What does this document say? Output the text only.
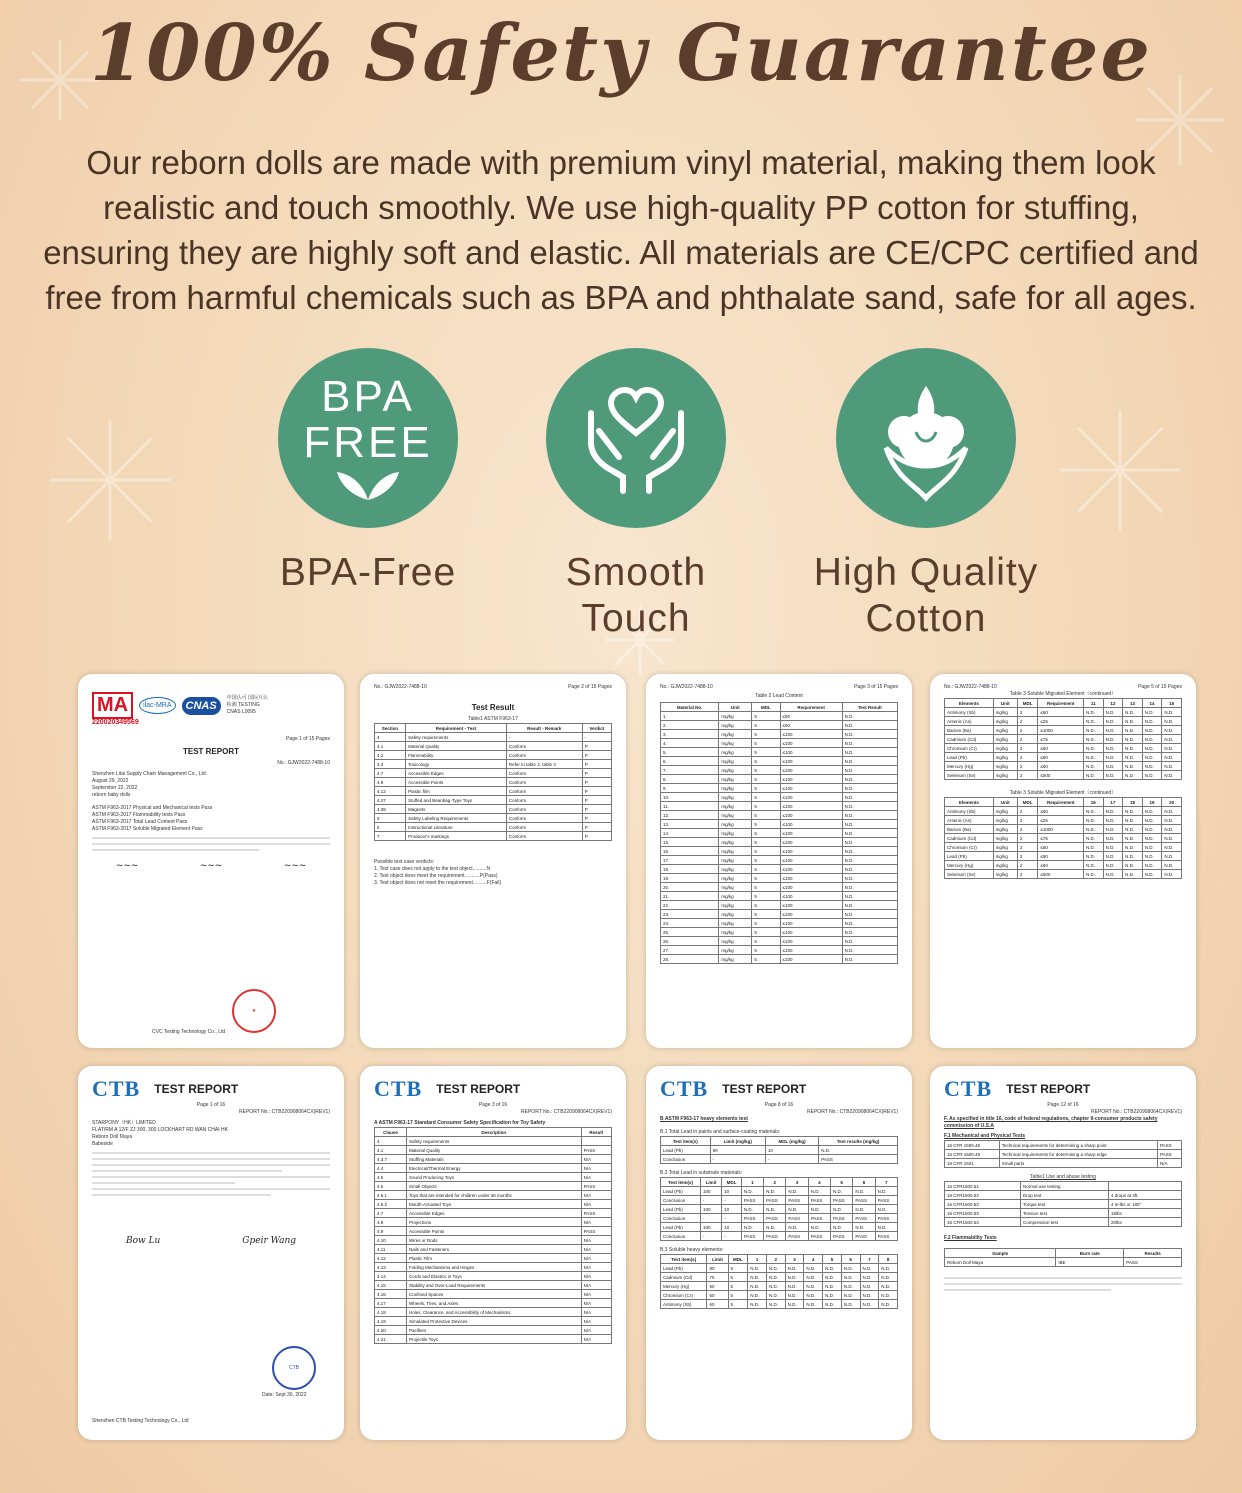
100% Safety Guarantee
Our reborn dolls are made with premium vinyl material, making them look realistic and touch smoothly. We use high-quality PP cotton for stuffing, ensuring they are highly soft and elastic. All materials are CE/CPC certified and free from harmful chemicals such as BPA and phthalate sand, safe for all ages.
BPA
FREE
BPA-Free	Smooth Touch
High Quality
Cotton
MA	ilac-MRA	CNAS
中国认可 国际互认 检测 TESTING CNAS L0095
220020349569
Page 1 of 15 Pages
TEST REPORT
No.: GJW2022-7488-10
Shenzhen Litai Supply Chain Management Co., Ltd
August 29, 2022
September 22, 2022
reborn baby dolls
ASTM F963-2017 Physical and Mechanical tests Pass
ASTM F963-2017 Flammability tests Pass
ASTM F963-2017 Total Lead Content Pass
ASTM F963-2017 Soluble Migrated Element Pass
~~~	~~~	~~~
★
CVC Testing Technology Co., Ltd
No.: GJW2022-7488-10	Page 2 of 15 Pages
Test Result
Table1 ASTM F963-17
Section	Requirement - Test	Result - Remark	Verdict
4	Safety requirements	-	-
4.1	Material Quality	Conform	P
4.2	Flammability	Conform	P
4.3	Toxicology	Refer to table 2, table 3	P
4.7	Accessible Edges	Conform	P
4.9	Accessible Points	Conform	P
4.12	Plastic film	Conform	P
4.27	Stuffed and Beanbag-Type Toys	Conform	P
4.38	Magnets	Conform	P
5	Safety Labeling Requirements	Conform	P
6	Instructional Literature	Conform	P
7	Producer's markings	Conform	P
Possible test case verdicts:
1. Test case does not apply to the test object..........N
2. Test object does meet the requirement...........P(Pass)
3. Test object does not meet the requirement..........F(Fail)
No.: GJW2022-7488-10	Page 3 of 15 Pages
Table 2 Lead Content
Material No.	Unit	MDL	Requirement	Test Result
1.	mg/kg	5	≤90	N.D.
2.	mg/kg	5	≤90	N.D.
3.	mg/kg	5	≤100	N.D.
4.	mg/kg	5	≤100	N.D.
5.	mg/kg	5	≤100	N.D.
6.	mg/kg	5	≤100	N.D.
7.	mg/kg	5	≤100	N.D.
8.	mg/kg	5	≤100	N.D.
9.	mg/kg	5	≤100	N.D.
10.	mg/kg	5	≤100	N.D.
11.	mg/kg	5	≤100	N.D.
12.	mg/kg	5	≤100	N.D.
13.	mg/kg	5	≤100	N.D.
14.	mg/kg	5	≤100	N.D.
15.	mg/kg	5	≤100	N.D.
16.	mg/kg	5	≤100	N.D.
17.	mg/kg	5	≤100	N.D.
18.	mg/kg	5	≤100	N.D.
19.	mg/kg	5	≤100	N.D.
20.	mg/kg	5	≤100	N.D.
21.	mg/kg	5	≤100	N.D.
22.	mg/kg	5	≤100	N.D.
23.	mg/kg	5	≤100	N.D.
24.	mg/kg	5	≤100	N.D.
25.	mg/kg	5	≤100	N.D.
26.	mg/kg	5	≤100	N.D.
27.	mg/kg	5	≤100	N.D.
28.	mg/kg	5	≤100	N.D.
No.: GJW2022-7488-10	Page 5 of 15 Pages
Table 3 Soluble Migrated Element（continued）
Elements	Unit	MDL	Requirement	11	12	13	14	15
Antimony (Sb)	mg/kg	2	≤60	N.D.	N.D.	N.D.	N.D.	N.D.
Arsenic (As)	mg/kg	2	≤25	N.D.	N.D.	N.D.	N.D.	N.D.
Barium (Ba)	mg/kg	2	≤1000	N.D.	N.D.	N.D.	N.D.	N.D.
Cadmium (Cd)	mg/kg	2	≤75	N.D.	N.D.	N.D.	N.D.	N.D.
Chromium (Cr)	mg/kg	2	≤60	N.D.	N.D.	N.D.	N.D.	N.D.
Lead (Pb)	mg/kg	2	≤90	N.D.	N.D.	N.D.	N.D.	N.D.
Mercury (Hg)	mg/kg	2	≤60	N.D.	N.D.	N.D.	N.D.	N.D.
Selenium (Se)	mg/kg	2	≤500	N.D.	N.D.	N.D.	N.D.	N.D.
Table 3 Soluble Migrated Element（continued）
Elements	Unit	MDL	Requirement	16	17	18	19	20
Antimony (Sb)	mg/kg	2	≤60	N.D.	N.D.	N.D.	N.D.	N.D.
Arsenic (As)	mg/kg	2	≤25	N.D.	N.D.	N.D.	N.D.	N.D.
Barium (Ba)	mg/kg	2	≤1000	N.D.	N.D.	N.D.	N.D.	N.D.
Cadmium (Cd)	mg/kg	2	≤75	N.D.	N.D.	N.D.	N.D.	N.D.
Chromium (Cr)	mg/kg	2	≤60	N.D.	N.D.	N.D.	N.D.	N.D.
Lead (Pb)	mg/kg	2	≤90	N.D.	N.D.	N.D.	N.D.	N.D.
Mercury (Hg)	mg/kg	2	≤60	N.D.	N.D.	N.D.	N.D.	N.D.
Selenium (Se)	mg/kg	2	≤500	N.D.	N.D.	N.D.	N.D.	N.D.
CTB TEST REPORT
Page 1 of 16
REPORT No.: CTB220908064CX(REV1)
STARPONY（HK）LIMITED
FLAT/RM A 12/F ZJ 300, 300 LOCKHART RD WAN CHAI HK
Reborn Doll Maya
Babeside
Bow Lu	Gpeir Wang
CTB
Date: Sept 30, 2022
Shenzhen CTB Testing Technology Co., Ltd
CTB TEST REPORT
Page 3 of 16
REPORT No.: CTB220908064CX(REV1)
A ASTM F963-17 Standard Consumer Safety Specification for Toy Safety
Clause	Description	Result
4	Safety requirements	
4.1	Material Quality	PASS
4.3.7	Stuffing Materials	N/A
4.4	Electrical/Thermal Energy	N/A
4.5	Sound Producing Toys	N/A
4.6	Small Objects	PASS
4.6.1	Toys that are intended for children under 36 months	N/A
4.6.2	Mouth-Actuated Toys	N/A
4.7	Accessible Edges	PASS
4.8	Projections	N/A
4.9	Accessible Points	PASS
4.10	Wires or Rods	N/A
4.11	Nails and Fasteners	N/A
4.12	Plastic Film	N/A
4.13	Folding Mechanisms and Hinges	N/A
4.14	Cords and Elastics in Toys	N/A
4.15	Stability and Over-Load Requirements	N/A
4.16	Confined Spaces	N/A
4.17	Wheels, Tires, and Axles	N/A
4.18	Holes, Clearance, and Accessibility of Mechanisms	N/A
4.19	Simulated Protective Devices	N/A
4.20	Pacifiers	N/A
4.21	Projectile Toys	N/A
CTB TEST REPORT
Page 8 of 16
REPORT No.: CTB220908064CX(REV1)
B ASTM F963-17 heavy elements test
B.1 Total Lead in paints and surface-coating materials:
Test item(s)	Limit (mg/kg)	MDL (mg/kg)	Test results (mg/kg)
Lead (Pb)	90	10	N.D.
Conclusion	-	-	PASS
B.2 Total Lead in substrate materials:
Test item(s)	Limit	MDL	1	2	3	4	5	6	7
Lead (Pb)	100	10	N.D.	N.D.	N.D.	N.D.	N.D.	N.D.	N.D.
Conclusion	-	-	PASS	PASS	PASS	PASS	PASS	PASS	PASS
Lead (Pb)	100	10	N.D.	N.D.	N.D.	N.D.	N.D.	N.D.	N.D.
Conclusion	-	-	PASS	PASS	PASS	PASS	PASS	PASS	PASS
Lead (Pb)	100	10	N.D.	N.D.	N.D.	N.D.	N.D.	N.D.	N.D.
Conclusion	-	-	PASS	PASS	PASS	PASS	PASS	PASS	PASS
B.3 Soluble heavy elements:
Test item(s)	Limit	MDL	1	2	3	4	5	6	7	8
Lead (Pb)	90	5	N.D.	N.D.	N.D.	N.D.	N.D.	N.D.	N.D.	N.D.
Cadmium (Cd)	75	5	N.D.	N.D.	N.D.	N.D.	N.D.	N.D.	N.D.	N.D.
Mercury (Hg)	60	5	N.D.	N.D.	N.D.	N.D.	N.D.	N.D.	N.D.	N.D.
Chromium (Cr)	60	5	N.D.	N.D.	N.D.	N.D.	N.D.	N.D.	N.D.	N.D.
Antimony (Sb)	60	5	N.D.	N.D.	N.D.	N.D.	N.D.	N.D.	N.D.	N.D.
CTB TEST REPORT
Page 12 of 16
REPORT No.: CTB220908064CX(REV1)
F. As specified in title 16, code of federal regulations, chapter II-consumer products safety commission of U.S.A
F.1 Mechanical and Physical Tests
16 CFR 1500.48	Technical requirements for determining a sharp point	PASS
16 CFR 1500.49	Technical requirements for determining a sharp edge	PASS
16 CFR 1501	Small parts	N/A
Table1 Use and abuse testing
16 CFR1500.51	Normal use testing	
16 CFR1500.53	Drop test	4 drops at 3ft.
16 CFR1500.53	Torque test	4 in-lbs or 180°
16 CFR1500.53	Tension test	15lbs
16 CFR1500.53	Compression test	20lbs
F.2 Flammability Tests
Sample	Burn rate	Results
Reborn Doll Maya	IBE	PASS
